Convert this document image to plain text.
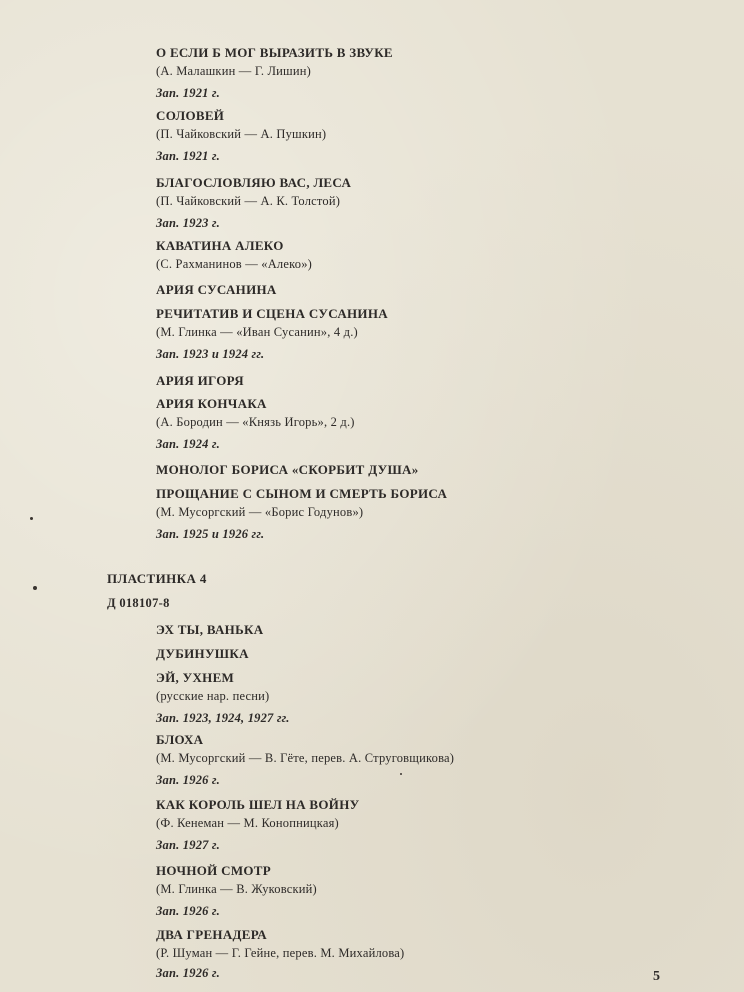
О ЕСЛИ Б МОГ ВЫРАЗИТЬ В ЗВУКЕ
(А. Малашкин — Г. Лишин)
Зап. 1921 г.
СОЛОВЕЙ
(П. Чайковский — А. Пушкин)
Зап. 1921 г.
БЛАГОСЛОВЛЯЮ ВАС, ЛЕСА
(П. Чайковский — А. К. Толстой)
Зап. 1923 г.
КАВАТИНА АЛЕКО
(С. Рахманинов — «Алеко»)
АРИЯ СУСАНИНА
РЕЧИТАТИВ И СЦЕНА СУСАНИНА
(М. Глинка — «Иван Сусанин», 4 д.)
Зап. 1923 и 1924 гг.
АРИЯ ИГОРЯ
АРИЯ КОНЧАКА
(А. Бородин — «Князь Игорь», 2 д.)
Зап. 1924 г.
МОНОЛОГ БОРИСА «СКОРБИТ ДУША»
ПРОЩАНИЕ С СЫНОМ И СМЕРТЬ БОРИСА
(М. Мусоргский — «Борис Годунов»)
Зап. 1925 и 1926 гг.
ПЛАСТИНКА 4
Д 018107-8
ЭХ ТЫ, ВАНЬКА
ДУБИНУШКА
ЭЙ, УХНЕМ
(русские нар. песни)
Зап. 1923, 1924, 1927 гг.
БЛОХА
(М. Мусоргский — В. Гёте, перев. А. Струговщикова)
Зап. 1926 г.
КАК КОРОЛЬ ШЕЛ НА ВОЙНУ
(Ф. Кенеман — М. Конопницкая)
Зап. 1927 г.
НОЧНОЙ СМОТР
(М. Глинка — В. Жуковский)
Зап. 1926 г.
ДВА ГРЕНАДЕРА
(Р. Шуман — Г. Гейне, перев. М. Михайлова)
Зап. 1926 г.	5
